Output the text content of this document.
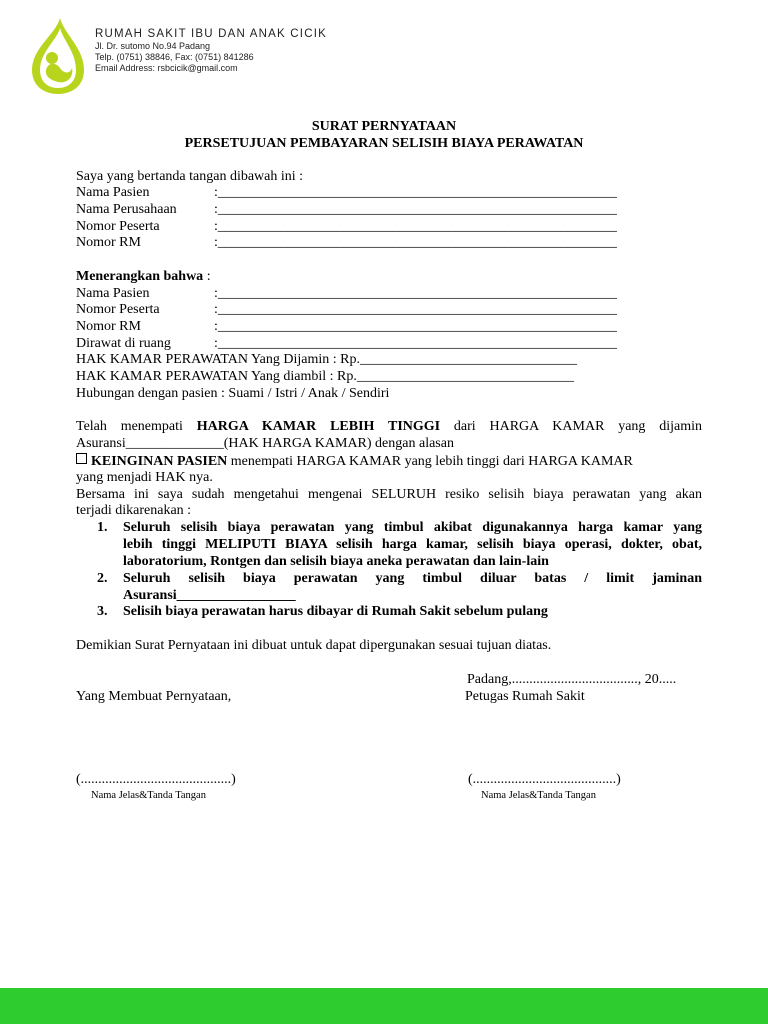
RUMAH SAKIT IBU DAN ANAK CICIK
Jl. Dr. sutomo No.94 Padang
Telp. (0751) 38846, Fax: (0751) 841286
Email Address: rsbcicik@gmail.com
SURAT PERNYATAAN
PERSETUJUAN PEMBAYARAN SELISIH BIAYA PERAWATAN
Saya yang bertanda tangan dibawah ini :
Nama Pasien	:_________________________________________________________
Nama Perusahaan	:_________________________________________________________
Nomor Peserta	:_________________________________________________________
Nomor RM	:_________________________________________________________
Menerangkan bahwa :
Nama Pasien	:_________________________________________________________
Nomor Peserta	:_________________________________________________________
Nomor RM	:_________________________________________________________
Dirawat di ruang	:_________________________________________________________
HAK KAMAR PERAWATAN Yang Dijamin : Rp._______________________________
HAK KAMAR PERAWATAN Yang diambil : Rp._______________________________
Hubungan dengan pasien : Suami / Istri / Anak / Sendiri
Telah menempati HARGA KAMAR LEBIH TINGGI dari HARGA KAMAR yang dijamin
Asuransi______________(HAK HARGA KAMAR) dengan alasan
KEINGINAN PASIEN menempati HARGA KAMAR yang lebih tinggi dari HARGA KAMAR
yang menjadi HAK nya.
Bersama ini saya sudah mengetahui mengenai SELURUH resiko selisih biaya perawatan yang akan
terjadi dikarenakan :
1. Seluruh selisih biaya perawatan yang timbul akibat digunakannya harga kamar yang
lebih tinggi MELIPUTI BIAYA selisih harga kamar, selisih biaya operasi, dokter, obat,
laboratorium, Rontgen dan selisih biaya aneka perawatan dan lain-lain
2. Seluruh selisih biaya perawatan yang timbul diluar batas / limit jaminan
Asuransi_________________
3. Selisih biaya perawatan harus dibayar di Rumah Sakit sebelum pulang
Demikian Surat Pernyataan ini dibuat untuk dapat dipergunakan sesuai tujuan diatas.
Padang,...................................., 20.....
Yang Membuat Pernyataan,	Petugas Rumah Sakit
(...........................................)	(.........................................)
Nama Jelas&Tanda Tangan	Nama Jelas&Tanda Tangan
